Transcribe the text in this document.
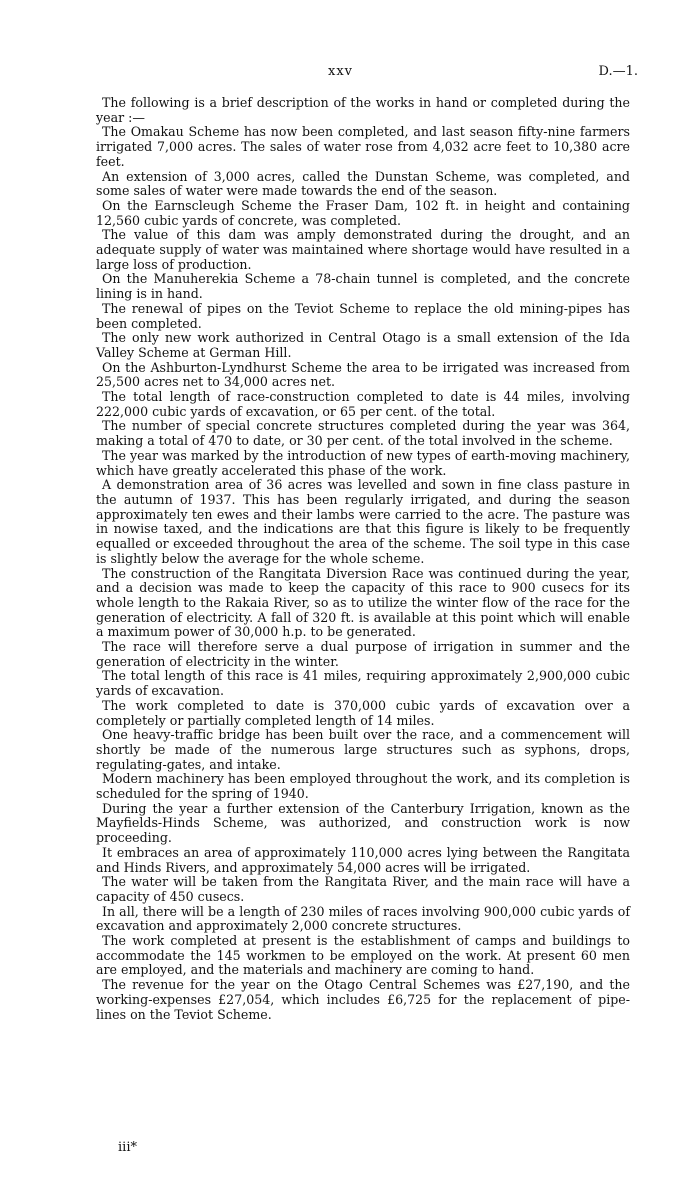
xxv	D.—1.

The following is a brief description of the works in hand or completed during the year :—

The Omakau Scheme has now been completed, and last season fifty-nine farmers irrigated 7,000 acres. The sales of water rose from 4,032 acre feet to 10,380 acre feet.

An extension of 3,000 acres, called the Dunstan Scheme, was completed, and some sales of water were made towards the end of the season.

On the Earnscleugh Scheme the Fraser Dam, 102 ft. in height and containing 12,560 cubic yards of concrete, was completed.

The value of this dam was amply demonstrated during the drought, and an adequate supply of water was maintained where shortage would have resulted in a large loss of production.

On the Manuherekia Scheme a 78-chain tunnel is completed, and the concrete lining is in hand.

The renewal of pipes on the Teviot Scheme to replace the old mining-pipes has been completed.

The only new work authorized in Central Otago is a small extension of the Ida Valley Scheme at German Hill.

On the Ashburton-Lyndhurst Scheme the area to be irrigated was increased from 25,500 acres net to 34,000 acres net.

The total length of race-construction completed to date is 44 miles, involving 222,000 cubic yards of excavation, or 65 per cent. of the total.

The number of special concrete structures completed during the year was 364, making a total of 470 to date, or 30 per cent. of the total involved in the scheme.

The year was marked by the introduction of new types of earth-moving machinery, which have greatly accelerated this phase of the work.

A demonstration area of 36 acres was levelled and sown in fine class pasture in the autumn of 1937. This has been regularly irrigated, and during the season approximately ten ewes and their lambs were carried to the acre. The pasture was in nowise taxed, and the indications are that this figure is likely to be frequently equalled or exceeded throughout the area of the scheme. The soil type in this case is slightly below the average for the whole scheme.

The construction of the Rangitata Diversion Race was continued during the year, and a decision was made to keep the capacity of this race to 900 cusecs for its whole length to the Rakaia River, so as to utilize the winter flow of the race for the generation of electricity. A fall of 320 ft. is available at this point which will enable a maximum power of 30,000 h.p. to be generated.

The race will therefore serve a dual purpose of irrigation in summer and the generation of electricity in the winter.

The total length of this race is 41 miles, requiring approximately 2,900,000 cubic yards of excavation.

The work completed to date is 370,000 cubic yards of excavation over a completely or partially completed length of 14 miles.

One heavy-traffic bridge has been built over the race, and a commencement will shortly be made of the numerous large structures such as syphons, drops, regulating-gates, and intake.

Modern machinery has been employed throughout the work, and its completion is scheduled for the spring of 1940.

During the year a further extension of the Canterbury Irrigation, known as the Mayfields-Hinds Scheme, was authorized, and construction work is now proceeding.

It embraces an area of approximately 110,000 acres lying between the Rangitata and Hinds Rivers, and approximately 54,000 acres will be irrigated.

The water will be taken from the Rangitata River, and the main race will have a capacity of 450 cusecs.

In all, there will be a length of 230 miles of races involving 900,000 cubic yards of excavation and approximately 2,000 concrete structures.

The work completed at present is the establishment of camps and buildings to accommodate the 145 workmen to be employed on the work. At present 60 men are employed, and the materials and machinery are coming to hand.

The revenue for the year on the Otago Central Schemes was £27,190, and the working-expenses £27,054, which includes £6,725 for the replacement of pipe-lines on the Teviot Scheme.

iii*
